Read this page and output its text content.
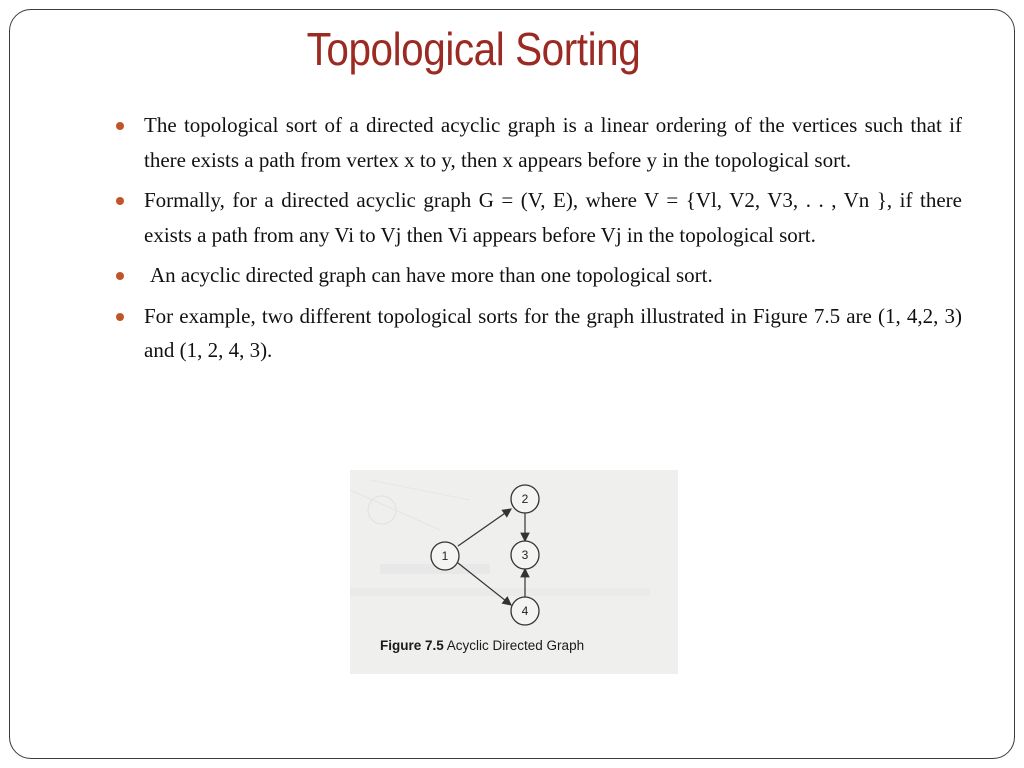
Topological Sorting
The topological sort of a directed acyclic graph is a linear ordering of the vertices such that if there exists a path from vertex x to y, then x appears before y in the topological sort.
Formally, for a directed acyclic graph G = (V, E), where V = {Vl, V2, V3, . . , Vn }, if there exists a path from any Vi to Vj then Vi appears before Vj in the topological sort.
An acyclic directed graph can have more than one topological sort.
For example, two different topological sorts for the graph illustrated in Figure 7.5 are (1, 4,2, 3) and (1, 2, 4, 3).
1
2
3
4
Figure 7.5 Acyclic Directed Graph
